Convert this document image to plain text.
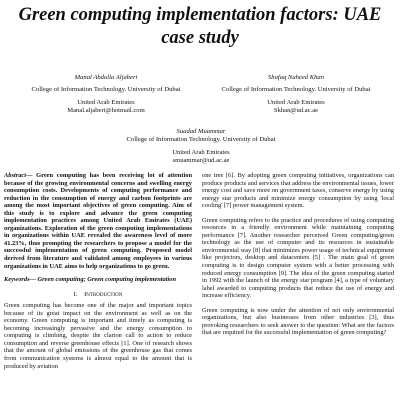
Green computing implementation factors: UAE
case study
Manal Abdulla Aljaberi
College of Information Technology. University of Dubai
United Arab Emirates
Manal.aljaberi@hotmail.com
Shafaq Naheed Khan
College of Information Technology. University of Dubai
United Arab Emirates
Skhan@ud.ac.ae
Suadad Muammar
College of Information Technology. University of Dubai
United Arab Emirates
smuammar@ud.ac.ae

Abstract— Green computing has been receiving lot of attention because of the growing environmental concerns and swelling energy consumption costs. Developments of computing performance and reduction in the consumption of energy and carbon footprints are among the most important objectives of green computing. Aim of this study is to explore and advance the green computing implementation practices among United Arab Emirates (UAE) organizations. Exploration of the green computing implementations in organizations within UAE revealed the awareness level of more 41.23%, thus prompting the researchers to propose a model for the successful implementation of green computing. Proposed model derived from literature and validated among employees in various organizations in UAE aims to help organizations to go green.

Keywords— Green computing; Green computing implementation
I. Introduction

Green computing has become one of the major and important topics because of its great impact on the environment as well as on the economy. Green computing is important and timely as computing is becoming increasingly pervasive and the energy consumption to computing is climbing, despite the clarion call to action to reduce consumption and reverse greenhouse effects [1]. One of research shows that the amount of global emissions of the greenhouse gas that comes from communication systems is almost equal to the amount that is produced by aviation

one tree [6]. By adopting green computing initiatives, organizations can produce products and services that address the environmental issues, lower energy cost and save more on government taxes, conserve energy by using energy star products and minimize energy consumption by using 'local cooling' [7] power management system.

Green computing refers to the practice and procedures of using computing resources in a friendly environment while maintaining computing performance [7]. Another researcher perceived Green computing/green technology as the use of computer and its resources in sustainable environmental way [8] that minimizes power usage of technical equipment like projectors, desktop and datacenters [5] . The main goal of green computing is to design computer system with a better processing with reduced energy consumption [9]. The idea of the green computing started in 1992 with the launch of the energy star program [4], a type of voluntary label awarded to computing products that reduce the use of energy and increase efficiency.

Green computing is now under the attention of not only environmental organizations, but also businesses from other industries [3], thus provoking researchers to seek answer to the question: What are the factors that are required for the successful implementation of green computing?
